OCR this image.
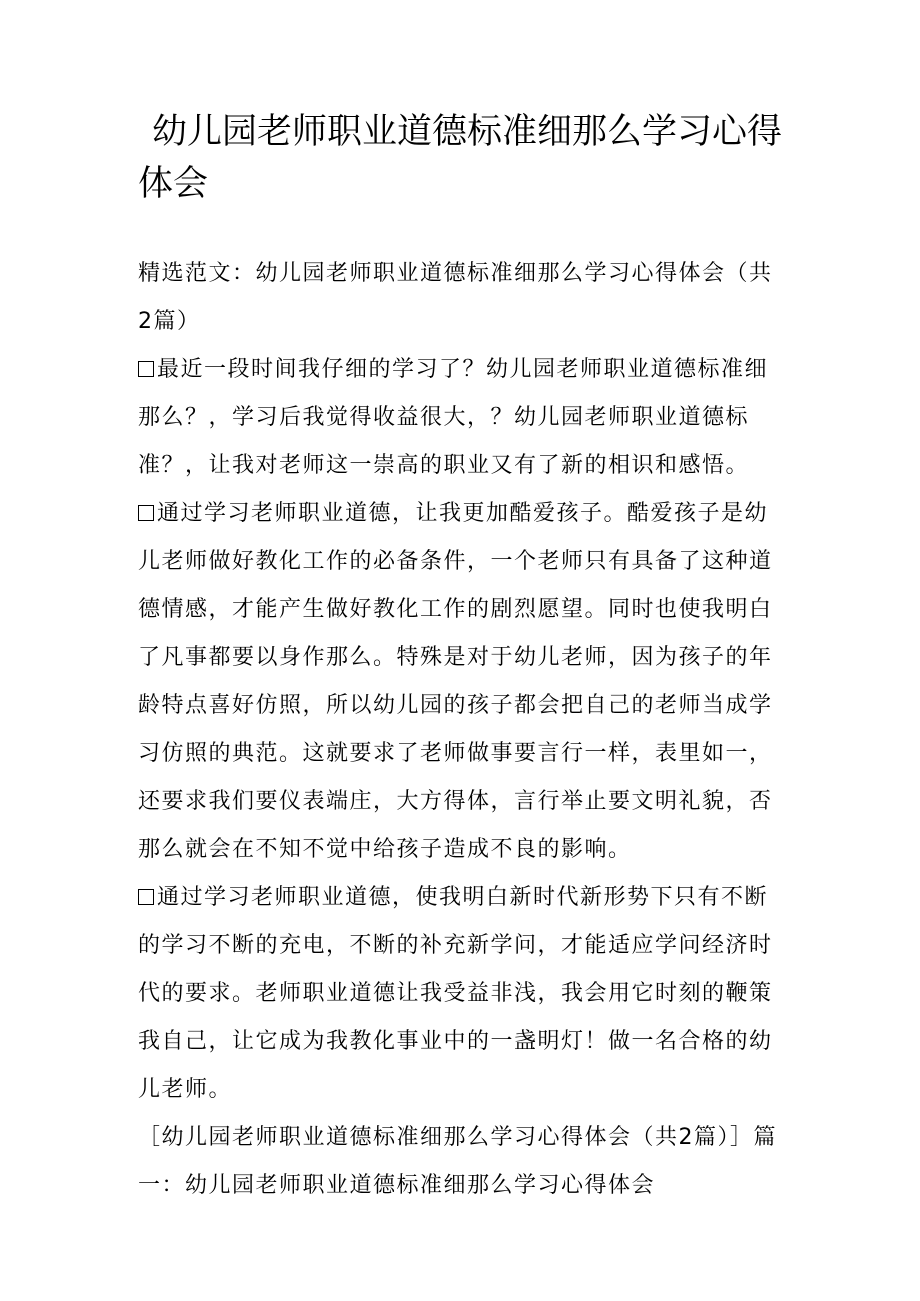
幼儿园老师职业道德标准细那么学习心得体会

精选范文：幼儿园老师职业道德标准细那么学习心得体会（共2篇）

最近一段时间我仔细的学习了？幼儿园老师职业道德标准细那么？，学习后我觉得收益很大，？幼儿园老师职业道德标准？，让我对老师这一崇高的职业又有了新的相识和感悟。

通过学习老师职业道德，让我更加酷爱孩子。酷爱孩子是幼儿老师做好教化工作的必备条件，一个老师只有具备了这种道德情感，才能产生做好教化工作的剧烈愿望。同时也使我明白了凡事都要以身作那么。特殊是对于幼儿老师，因为孩子的年龄特点喜好仿照，所以幼儿园的孩子都会把自己的老师当成学习仿照的典范。这就要求了老师做事要言行一样，表里如一，还要求我们要仪表端庄，大方得体，言行举止要文明礼貌，否那么就会在不知不觉中给孩子造成不良的影响。

通过学习老师职业道德，使我明白新时代新形势下只有不断的学习不断的充电，不断的补充新学问，才能适应学问经济时代的要求。老师职业道德让我受益非浅，我会用它时刻的鞭策我自己，让它成为我教化事业中的一盏明灯！做一名合格的幼儿老师。

［幼儿园老师职业道德标准细那么学习心得体会（共2篇）］篇一：幼儿园老师职业道德标准细那么学习心得体会
